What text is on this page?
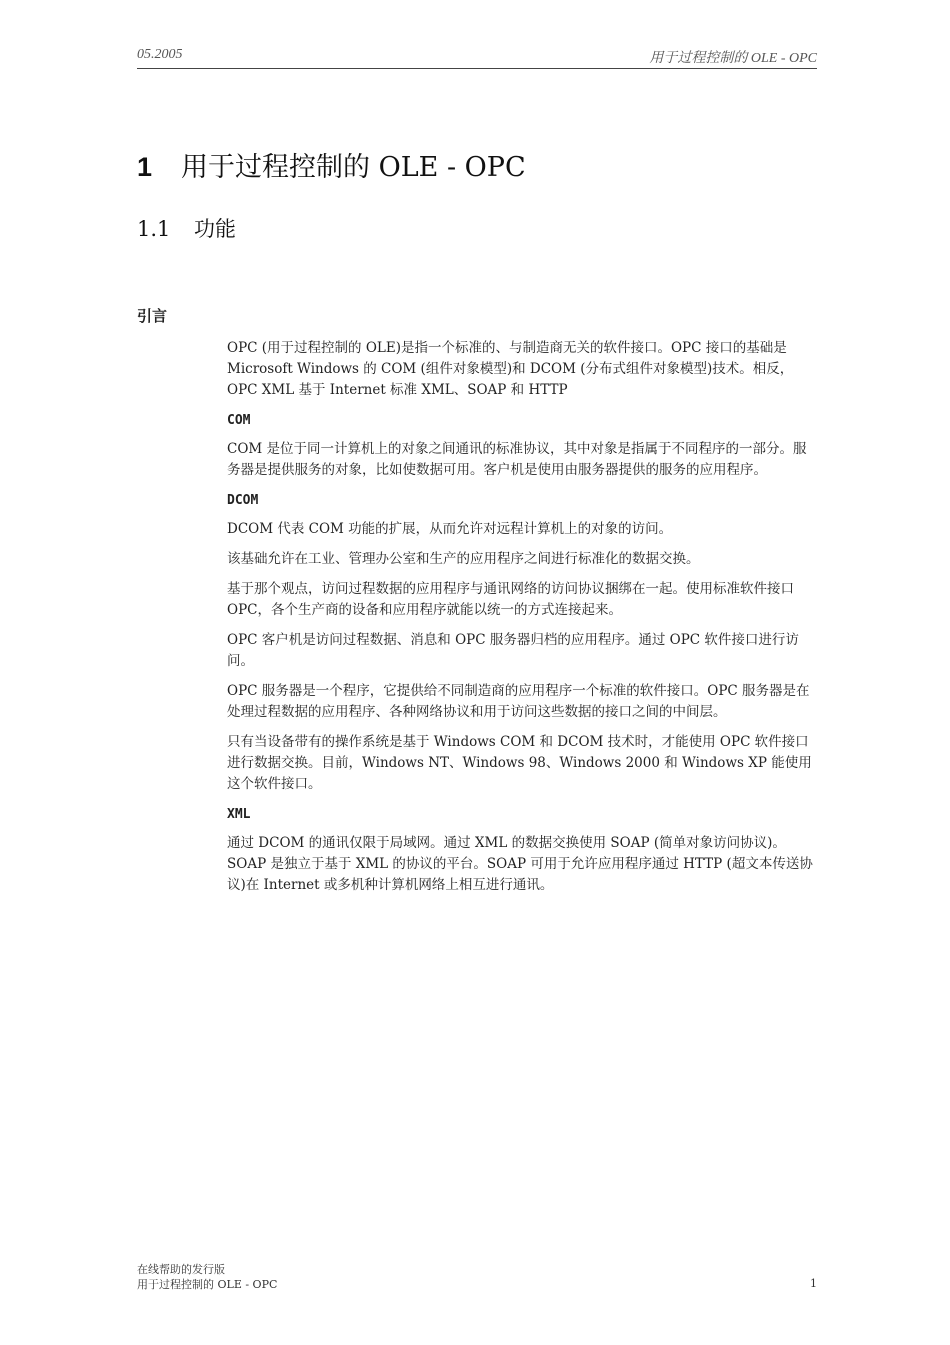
05.2005	用于过程控制的 OLE - OPC
1	用于过程控制的 OLE - OPC
1.1	功能
引言

OPC (用于过程控制的 OLE)是指一个标准的、与制造商无关的软件接口。OPC 接口的基础是 Microsoft Windows 的 COM (组件对象模型)和 DCOM (分布式组件对象模型)技术。相反，OPC XML 基于 Internet 标准 XML、SOAP 和 HTTP

COM

COM 是位于同一计算机上的对象之间通讯的标准协议，其中对象是指属于不同程序的一部分。服务器是提供服务的对象，比如使数据可用。客户机是使用由服务器提供的服务的应用程序。

DCOM

DCOM 代表 COM 功能的扩展，从而允许对远程计算机上的对象的访问。

该基础允许在工业、管理办公室和生产的应用程序之间进行标准化的数据交换。

基于那个观点，访问过程数据的应用程序与通讯网络的访问协议捆绑在一起。使用标准软件接口 OPC，各个生产商的设备和应用程序就能以统一的方式连接起来。

OPC 客户机是访问过程数据、消息和 OPC 服务器归档的应用程序。通过 OPC 软件接口进行访问。

OPC 服务器是一个程序，它提供给不同制造商的应用程序一个标准的软件接口。OPC 服务器是在处理过程数据的应用程序、各种网络协议和用于访问这些数据的接口之间的中间层。

只有当设备带有的操作系统是基于 Windows COM 和 DCOM 技术时，才能使用 OPC 软件接口进行数据交换。目前，Windows NT、Windows 98、Windows 2000 和 Windows XP 能使用这个软件接口。

XML

通过 DCOM 的通讯仅限于局域网。通过 XML 的数据交换使用 SOAP (简单对象访问协议)。SOAP 是独立于基于 XML 的协议的平台。SOAP 可用于允许应用程序通过 HTTP (超文本传送协议)在 Internet 或多机种计算机网络上相互进行通讯。

在线帮助的发行版
用于过程控制的 OLE - OPC	1
